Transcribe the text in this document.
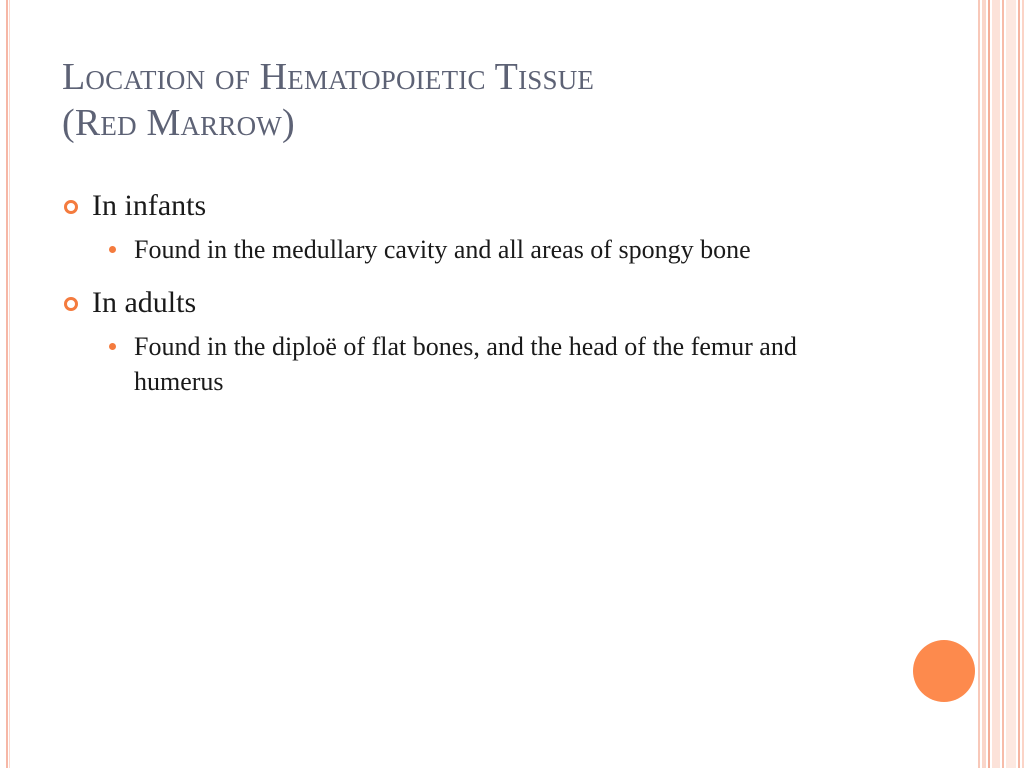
Location of Hematopoietic Tissue
(Red Marrow)
In infants
Found in the medullary cavity and all areas of spongy bone
In adults
Found in the diploë of flat bones, and the head of the femur and humerus
